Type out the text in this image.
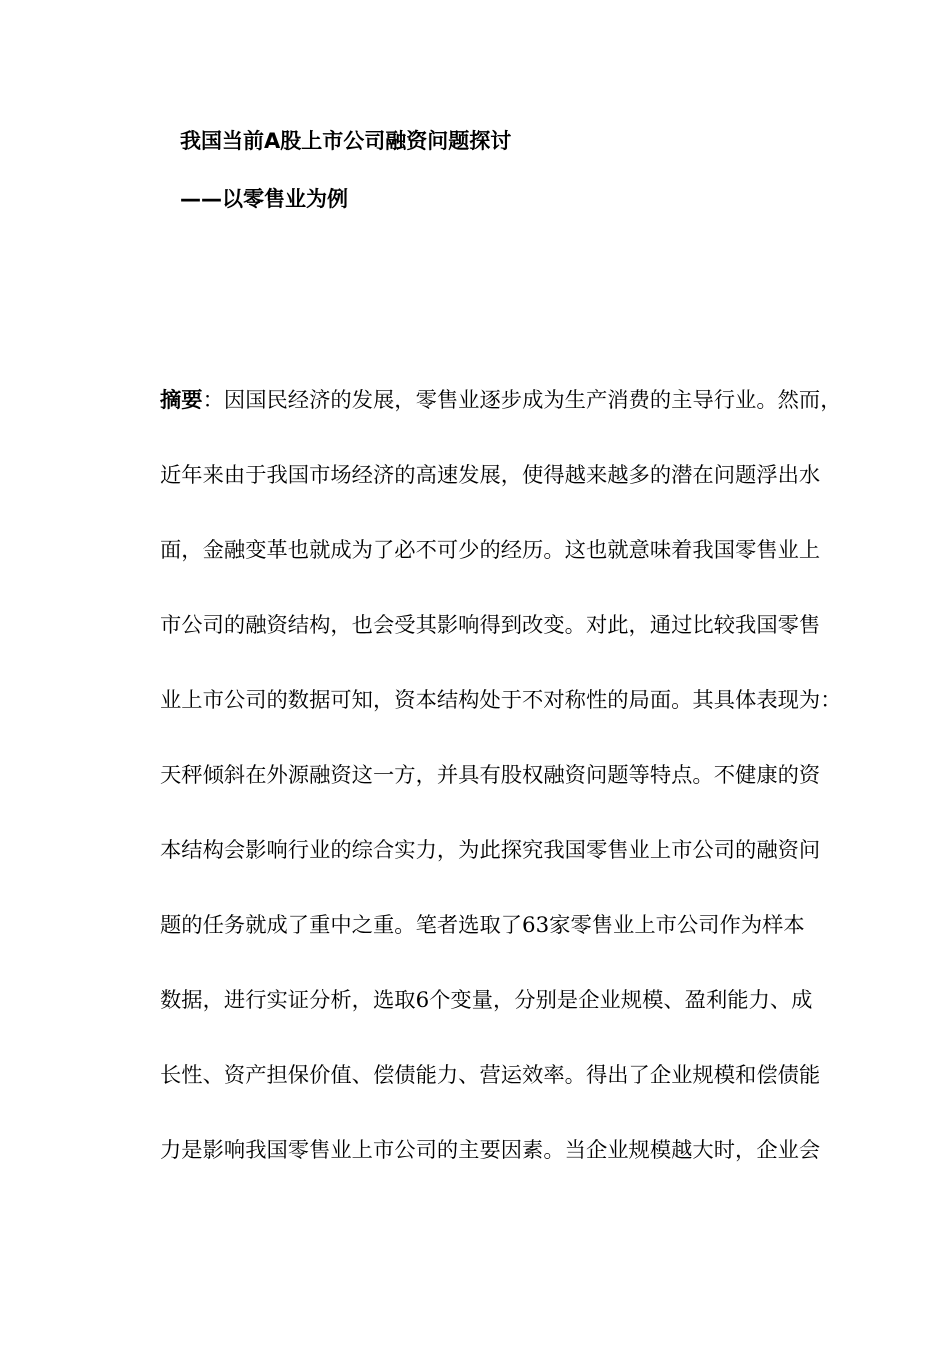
我国当前A股上市公司融资问题探讨
——以零售业为例
摘要：因国民经济的发展，零售业逐步成为生产消费的主导行业。然而，
近年来由于我国市场经济的高速发展，使得越来越多的潜在问题浮出水
面，金融变革也就成为了必不可少的经历。这也就意味着我国零售业上
市公司的融资结构，也会受其影响得到改变。对此，通过比较我国零售
业上市公司的数据可知，资本结构处于不对称性的局面。其具体表现为：
天秤倾斜在外源融资这一方，并具有股权融资问题等特点。不健康的资
本结构会影响行业的综合实力，为此探究我国零售业上市公司的融资问
题的任务就成了重中之重。笔者选取了63家零售业上市公司作为样本
数据，进行实证分析，选取6个变量，分别是企业规模、盈利能力、成
长性、资产担保价值、偿债能力、营运效率。得出了企业规模和偿债能
力是影响我国零售业上市公司的主要因素。当企业规模越大时，企业会
